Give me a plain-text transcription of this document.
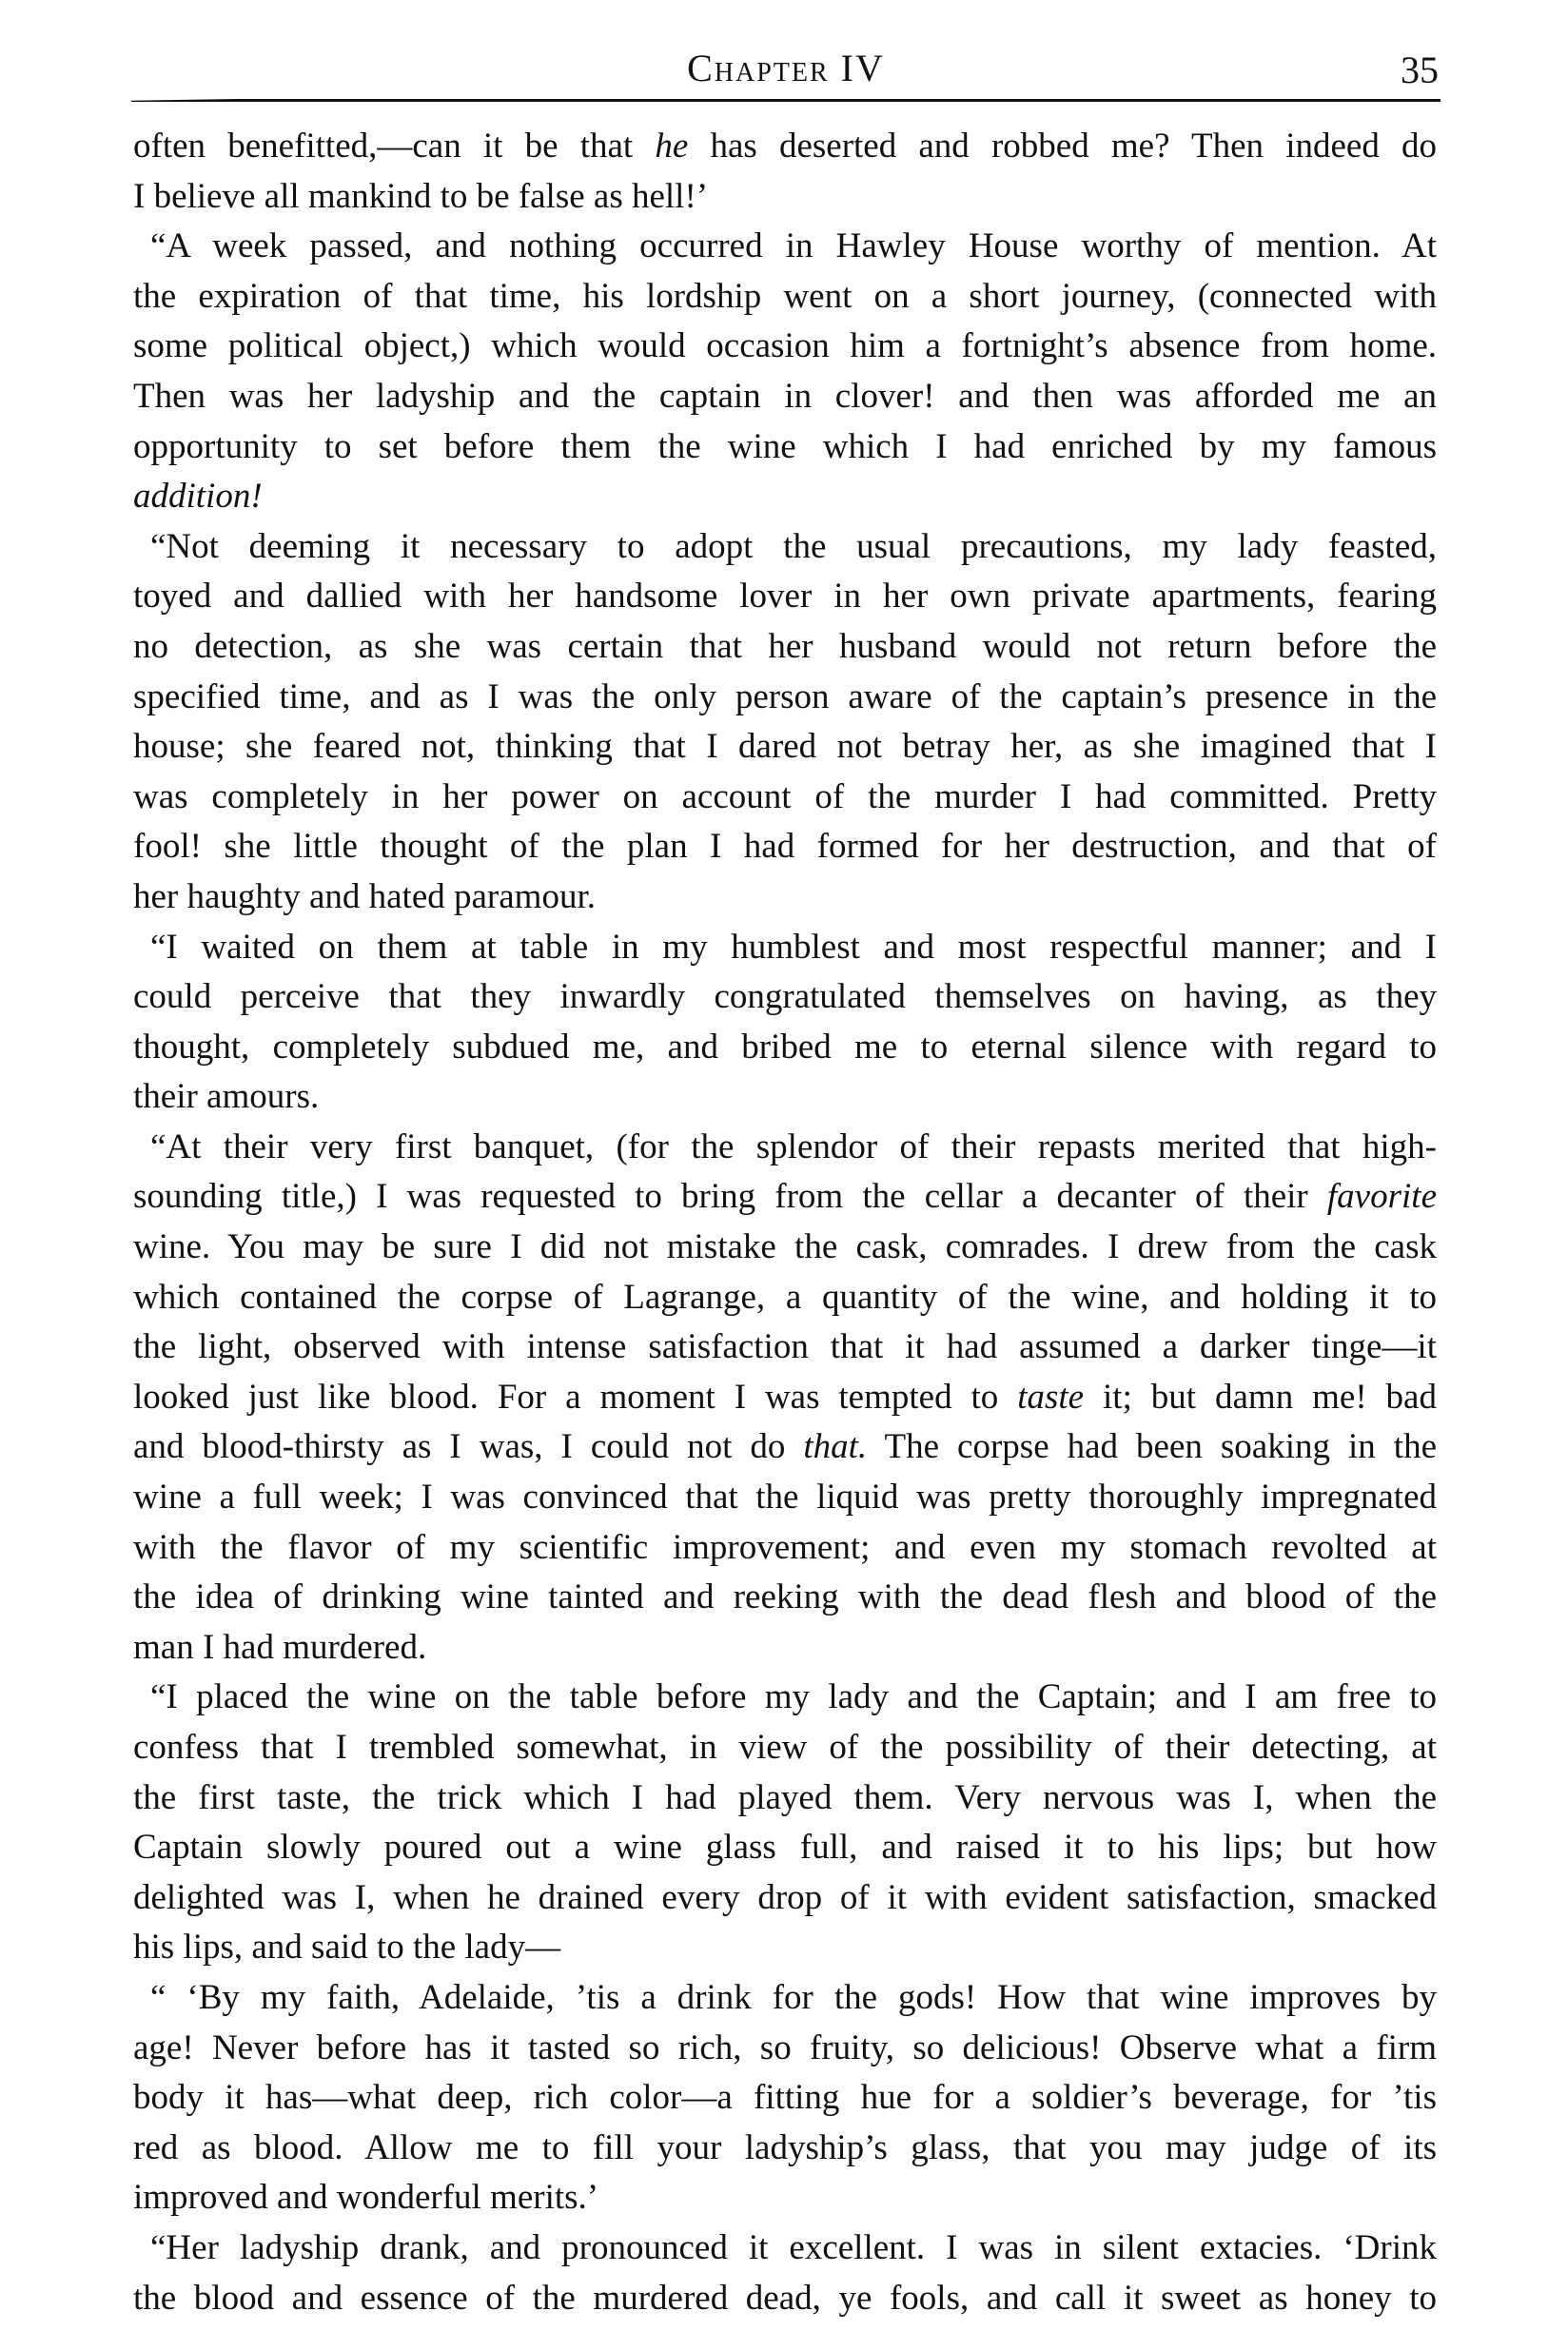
Chapter IV	35
often benefitted,—can it be that he has deserted and robbed me? Then indeed do
I believe all mankind to be false as hell!’
“A week passed, and nothing occurred in Hawley House worthy of mention. At
the expiration of that time, his lordship went on a short journey, (connected with
some political object,) which would occasion him a fortnight’s absence from home.
Then was her ladyship and the captain in clover! and then was afforded me an
opportunity to set before them the wine which I had enriched by my famous
addition!
“Not deeming it necessary to adopt the usual precautions, my lady feasted,
toyed and dallied with her handsome lover in her own private apartments, fearing
no detection, as she was certain that her husband would not return before the
specified time, and as I was the only person aware of the captain’s presence in the
house; she feared not, thinking that I dared not betray her, as she imagined that I
was completely in her power on account of the murder I had committed. Pretty
fool! she little thought of the plan I had formed for her destruction, and that of
her haughty and hated paramour.
“I waited on them at table in my humblest and most respectful manner; and I
could perceive that they inwardly congratulated themselves on having, as they
thought, completely subdued me, and bribed me to eternal silence with regard to
their amours.
“At their very first banquet, (for the splendor of their repasts merited that high-
sounding title,) I was requested to bring from the cellar a decanter of their favorite
wine. You may be sure I did not mistake the cask, comrades. I drew from the cask
which contained the corpse of Lagrange, a quantity of the wine, and holding it to
the light, observed with intense satisfaction that it had assumed a darker tinge—it
looked just like blood. For a moment I was tempted to taste it; but damn me! bad
and blood-thirsty as I was, I could not do that. The corpse had been soaking in the
wine a full week; I was convinced that the liquid was pretty thoroughly impregnated
with the flavor of my scientific improvement; and even my stomach revolted at
the idea of drinking wine tainted and reeking with the dead flesh and blood of the
man I had murdered.
“I placed the wine on the table before my lady and the Captain; and I am free to
confess that I trembled somewhat, in view of the possibility of their detecting, at
the first taste, the trick which I had played them. Very nervous was I, when the
Captain slowly poured out a wine glass full, and raised it to his lips; but how
delighted was I, when he drained every drop of it with evident satisfaction, smacked
his lips, and said to the lady—
“ ‘By my faith, Adelaide, ’tis a drink for the gods! How that wine improves by
age! Never before has it tasted so rich, so fruity, so delicious! Observe what a firm
body it has—what deep, rich color—a fitting hue for a soldier’s beverage, for ’tis
red as blood. Allow me to fill your ladyship’s glass, that you may judge of its
improved and wonderful merits.’
“Her ladyship drank, and pronounced it excellent. I was in silent extacies. ‘Drink
the blood and essence of the murdered dead, ye fools, and call it sweet as honey to
